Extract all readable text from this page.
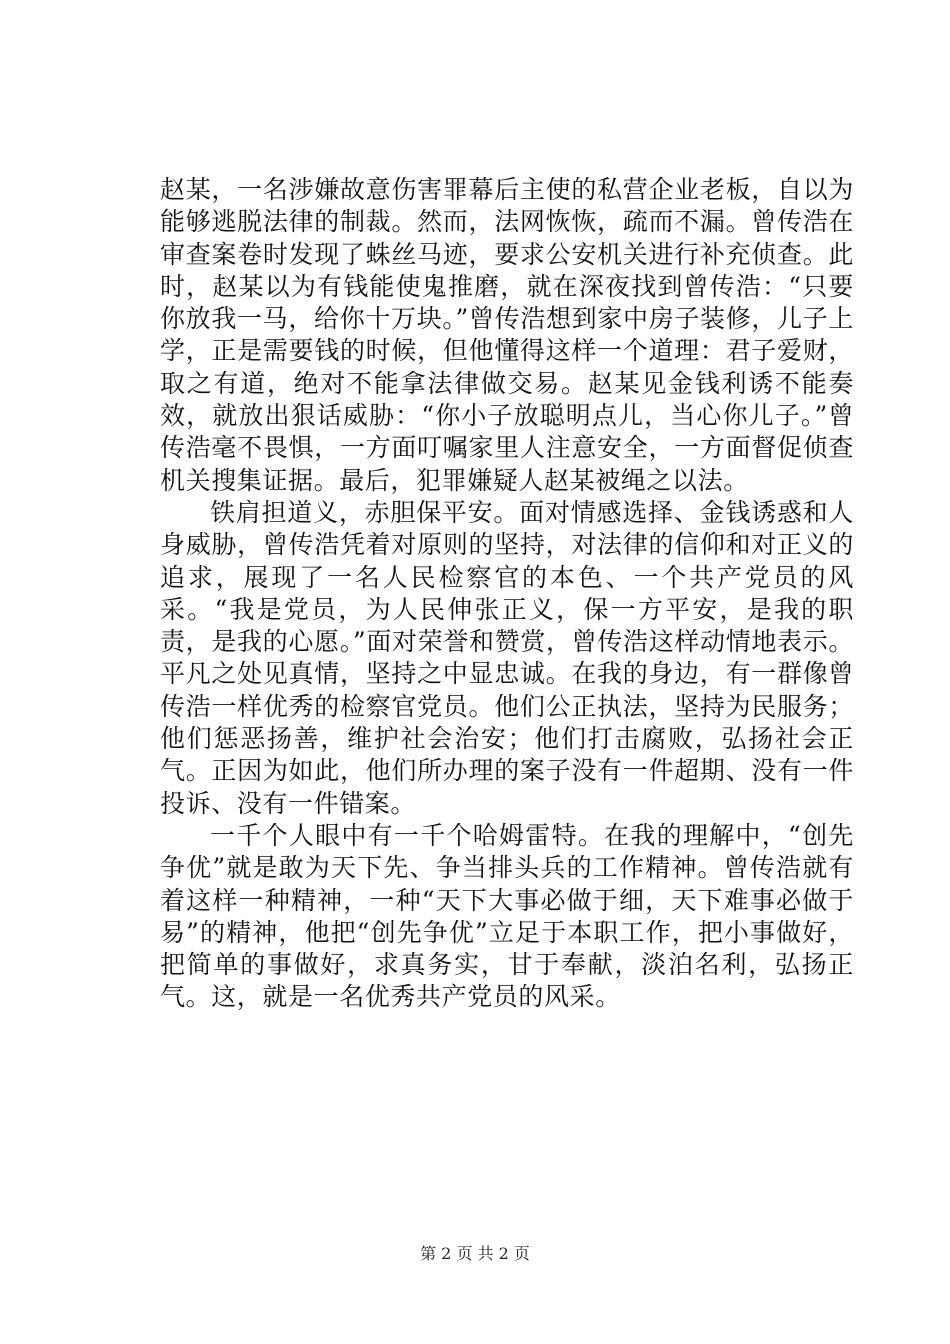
赵某，一名涉嫌故意伤害罪幕后主使的私营企业老板，自以为能够逃脱法律的制裁。然而，法网恢恢，疏而不漏。曾传浩在审查案卷时发现了蛛丝马迹，要求公安机关进行补充侦查。此时，赵某以为有钱能使鬼推磨，就在深夜找到曾传浩：“只要你放我一马，给你十万块。”曾传浩想到家中房子装修，儿子上学，正是需要钱的时候，但他懂得这样一个道理：君子爱财，取之有道，绝对不能拿法律做交易。赵某见金钱利诱不能奏效，就放出狠话威胁：“你小子放聪明点儿，当心你儿子。”曾传浩毫不畏惧，一方面叮嘱家里人注意安全，一方面督促侦查机关搜集证据。最后，犯罪嫌疑人赵某被绳之以法。

铁肩担道义，赤胆保平安。面对情感选择、金钱诱惑和人身威胁，曾传浩凭着对原则的坚持，对法律的信仰和对正义的追求，展现了一名人民检察官的本色、一个共产党员的风采。“我是党员，为人民伸张正义，保一方平安，是我的职责，是我的心愿。”面对荣誉和赞赏，曾传浩这样动情地表示。平凡之处见真情，坚持之中显忠诚。在我的身边，有一群像曾传浩一样优秀的检察官党员。他们公正执法，坚持为民服务；他们惩恶扬善，维护社会治安；他们打击腐败，弘扬社会正气。正因为如此，他们所办理的案子没有一件超期、没有一件投诉、没有一件错案。

一千个人眼中有一千个哈姆雷特。在我的理解中，“创先争优”就是敢为天下先、争当排头兵的工作精神。曾传浩就有着这样一种精神，一种“天下大事必做于细，天下难事必做于易”的精神，他把“创先争优”立足于本职工作，把小事做好，把简单的事做好，求真务实，甘于奉献，淡泊名利，弘扬正气。这，就是一名优秀共产党员的风采。

第 2 页 共 2 页
